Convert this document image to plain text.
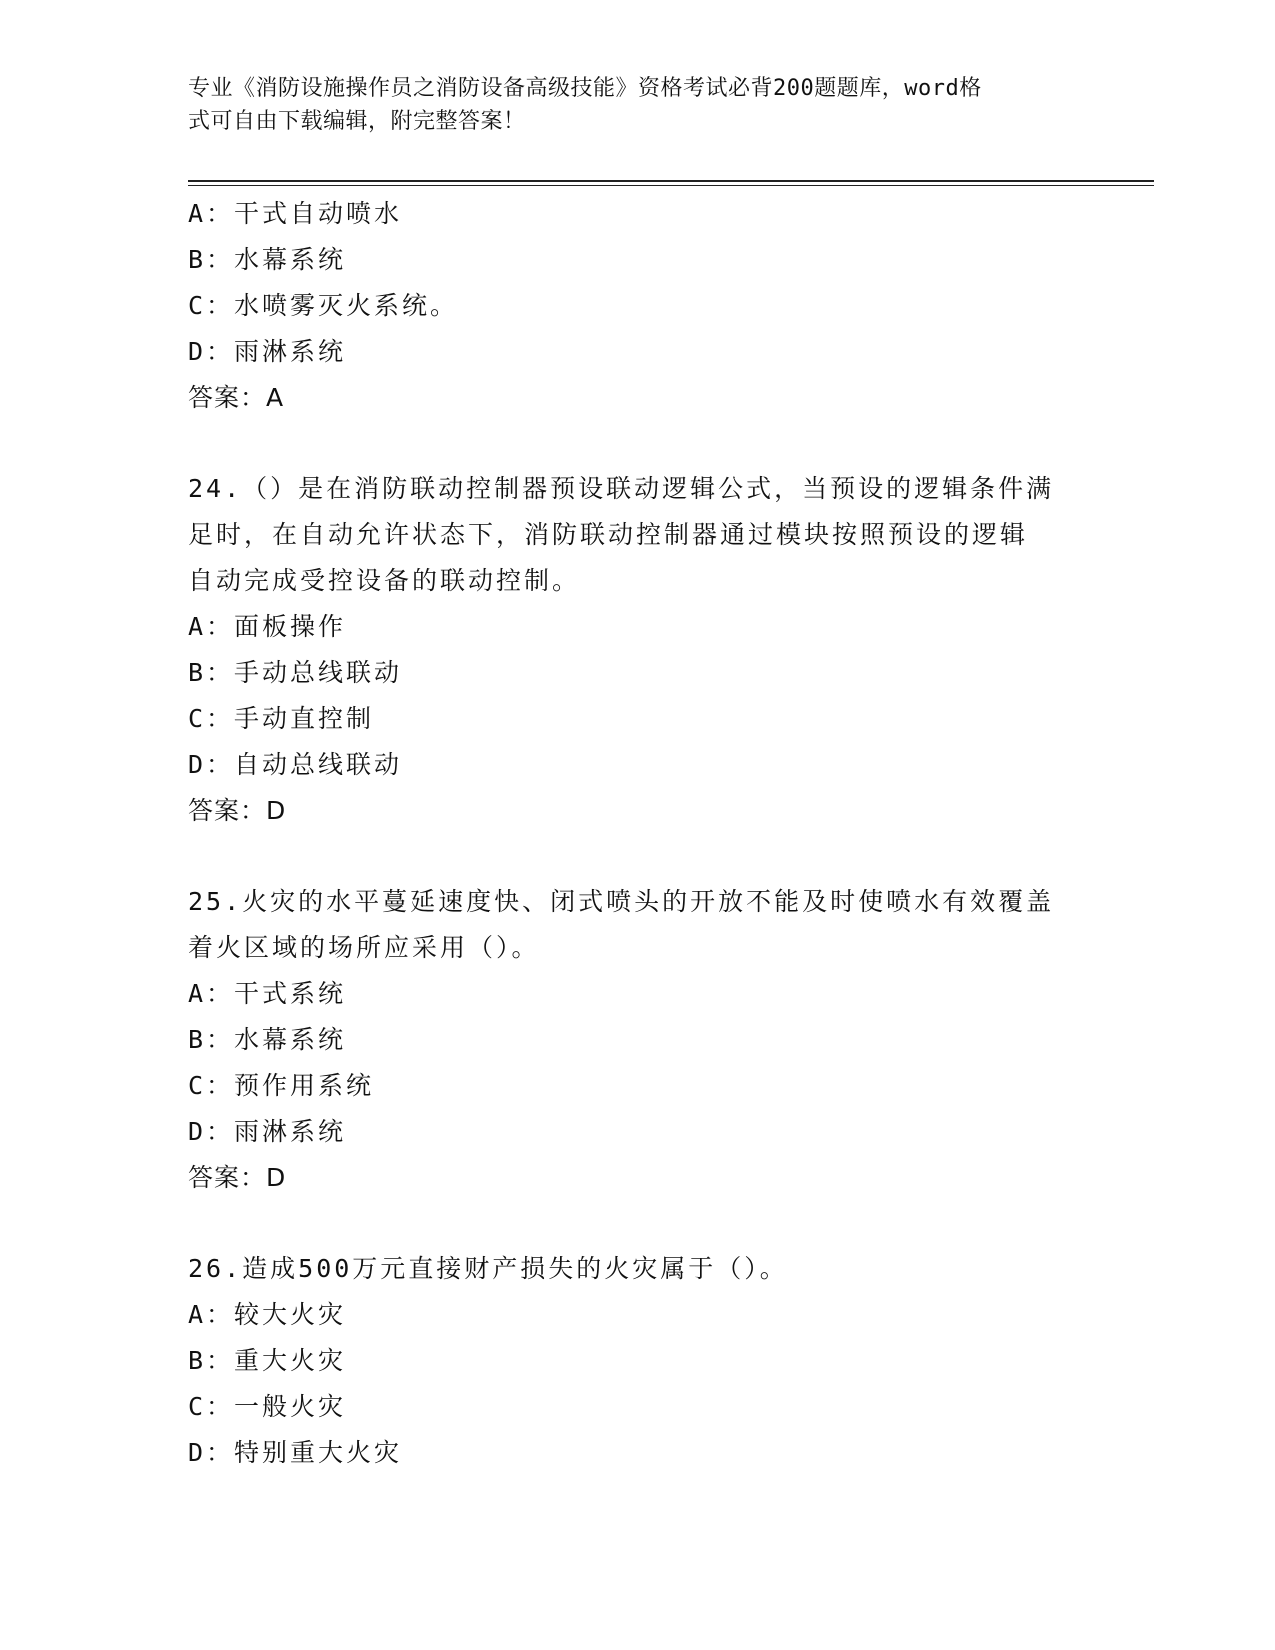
专业《消防设施操作员之消防设备高级技能》资格考试必背200题题库，word格
式可自由下载编辑，附完整答案！
A：干式自动喷水
B：水幕系统
C：水喷雾灭火系统。
D：雨淋系统
答案：A
24.（）是在消防联动控制器预设联动逻辑公式，当预设的逻辑条件满
足时，在自动允许状态下，消防联动控制器通过模块按照预设的逻辑
自动完成受控设备的联动控制。
A：面板操作
B：手动总线联动
C：手动直控制
D：自动总线联动
答案：D
25.火灾的水平蔓延速度快、闭式喷头的开放不能及时使喷水有效覆盖
着火区域的场所应采用（）。
A：干式系统
B：水幕系统
C：预作用系统
D：雨淋系统
答案：D
26.造成500万元直接财产损失的火灾属于（）。
A：较大火灾
B：重大火灾
C：一般火灾
D：特别重大火灾
